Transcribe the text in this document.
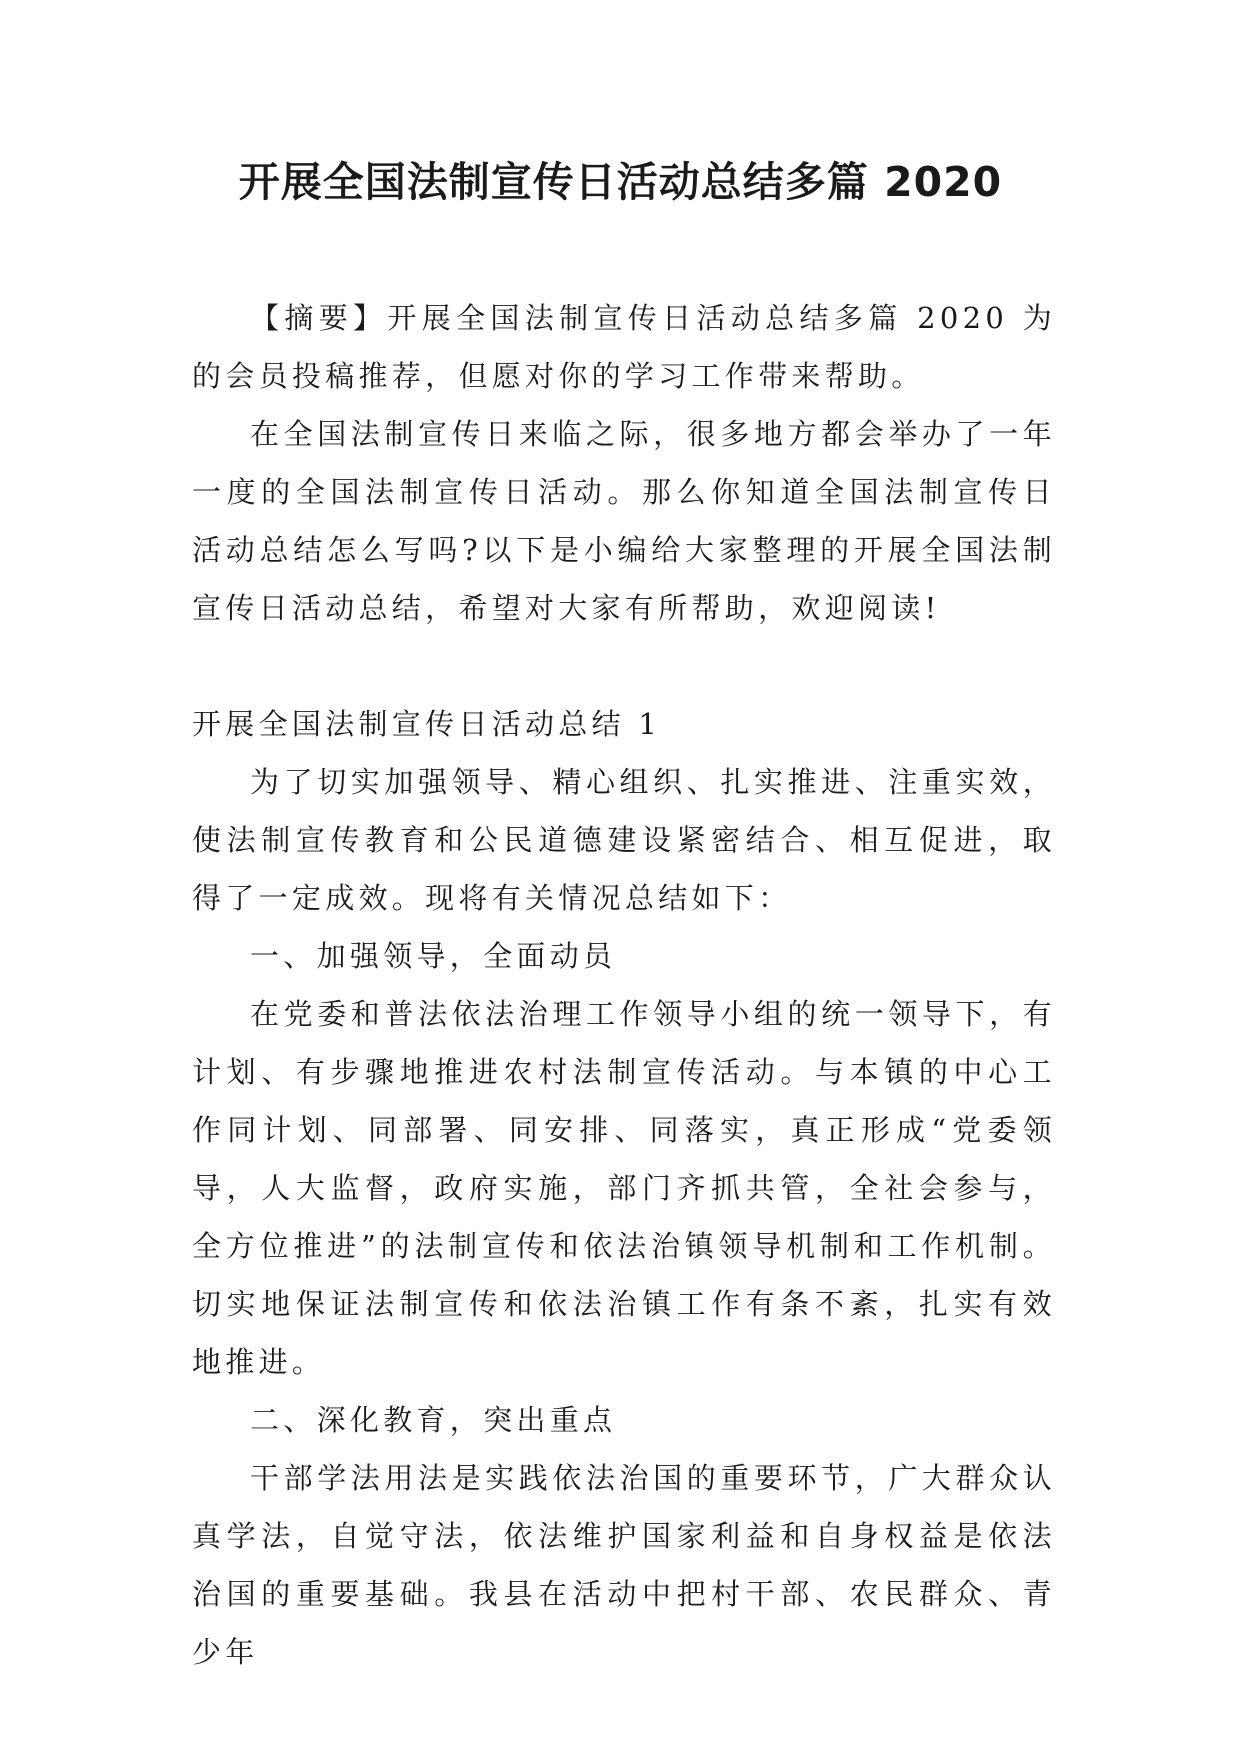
开展全国法制宣传日活动总结多篇 2020

【摘要】开展全国法制宣传日活动总结多篇 2020 为的会员投稿推荐，但愿对你的学习工作带来帮助。

在全国法制宣传日来临之际，很多地方都会举办了一年一度的全国法制宣传日活动。那么你知道全国法制宣传日活动总结怎么写吗?以下是小编给大家整理的开展全国法制宣传日活动总结，希望对大家有所帮助，欢迎阅读!

开展全国法制宣传日活动总结 1

为了切实加强领导、精心组织、扎实推进、注重实效，使法制宣传教育和公民道德建设紧密结合、相互促进，取得了一定成效。现将有关情况总结如下：

一、加强领导，全面动员

在党委和普法依法治理工作领导小组的统一领导下，有计划、有步骤地推进农村法制宣传活动。与本镇的中心工作同计划、同部署、同安排、同落实，真正形成“党委领导，人大监督，政府实施，部门齐抓共管，全社会参与，全方位推进”的法制宣传和依法治镇领导机制和工作机制。切实地保证法制宣传和依法治镇工作有条不紊，扎实有效地推进。

二、深化教育，突出重点

干部学法用法是实践依法治国的重要环节，广大群众认真学法，自觉守法，依法维护国家利益和自身权益是依法治国的重要基础。我县在活动中把村干部、农民群众、青少年
